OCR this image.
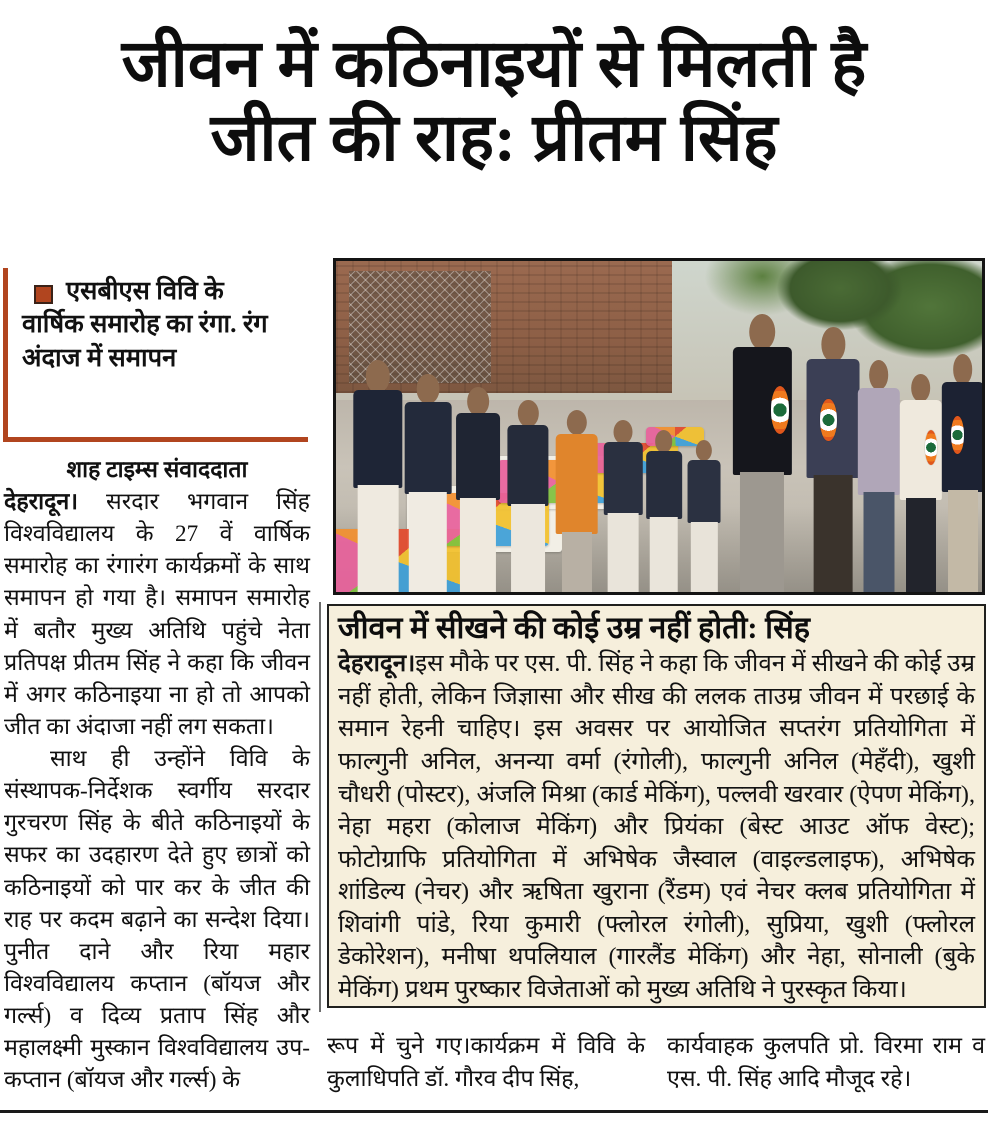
जीवन में कठिनाइयों से मिलती है
जीत की राह: प्रीतम सिंह
एसबीएस विवि के
वार्षिक समारोह का रंगा. रंग अंदाज में समापन
शाह टाइम्स संवाददाता

देहरादून। सरदार भगवान सिंह विश्वविद्यालय के 27 वें वार्षिक समारोह का रंगारंग कार्यक्रमों के साथ समापन हो गया है। समापन समारोह में बतौर मुख्य अतिथि पहुंचे नेता प्रतिपक्ष प्रीतम सिंह ने कहा कि जीवन में अगर कठिनाइया ना हो तो आपको जीत का अंदाजा नहीं लग सकता।

साथ ही उन्होंने विवि के संस्थापक-निर्देशक स्वर्गीय सरदार गुरचरण सिंह के बीते कठिनाइयों के सफर का उदहारण देते हुए छात्रों को कठिनाइयों को पार कर के जीत की राह पर कदम बढ़ाने का सन्देश दिया। पुनीत दाने और रिया महार विश्वविद्यालय कप्तान (बॉयज और गर्ल्स) व दिव्य प्रताप सिंह और महालक्ष्मी मुस्कान विश्वविद्यालय उप-कप्तान (बॉयज और गर्ल्स) के

जीवन में सीखने की कोई उम्र नहीं होती: सिंह
देहरादून।इस मौके पर एस. पी. सिंह ने कहा कि जीवन में सीखने की कोई उम्र नहीं होती, लेकिन जिज्ञासा और सीख की ललक ताउम्र जीवन में परछाई के समान रेहनी चाहिए। इस अवसर पर आयोजित सप्तरंग प्रतियोगिता में फाल्गुनी अनिल, अनन्या वर्मा (रंगोली), फाल्गुनी अनिल (मेहँदी), खुशी चौधरी (पोस्टर), अंजलि मिश्रा (कार्ड मेकिंग), पल्लवी खरवार (ऐपण मेकिंग), नेहा महरा (कोलाज मेकिंग) और प्रियंका (बेस्ट आउट ऑफ वेस्ट); फोटोग्राफि प्रतियोगिता में अभिषेक जैस्वाल (वाइल्डलाइफ), अभिषेक शांडिल्य (नेचर) और ऋषिता खुराना (रैंडम) एवं नेचर क्लब प्रतियोगिता में शिवांगी पांडे, रिया कुमारी (फ्लोरल रंगोली), सुप्रिया, खुशी (फ्लोरल डेकोरेशन), मनीषा थपलियाल (गारलैंड मेकिंग) और नेहा, सोनाली (बुके मेकिंग) प्रथम पुरष्कार विजेताओं को मुख्य अतिथि ने पुरस्कृत किया।
रूप में चुने गए।कार्यक्रम में विवि के कुलाधिपति डॉ. गौरव दीप सिंह,
कार्यवाहक कुलपति प्रो. विरमा राम व एस. पी. सिंह आदि मौजूद रहे।
